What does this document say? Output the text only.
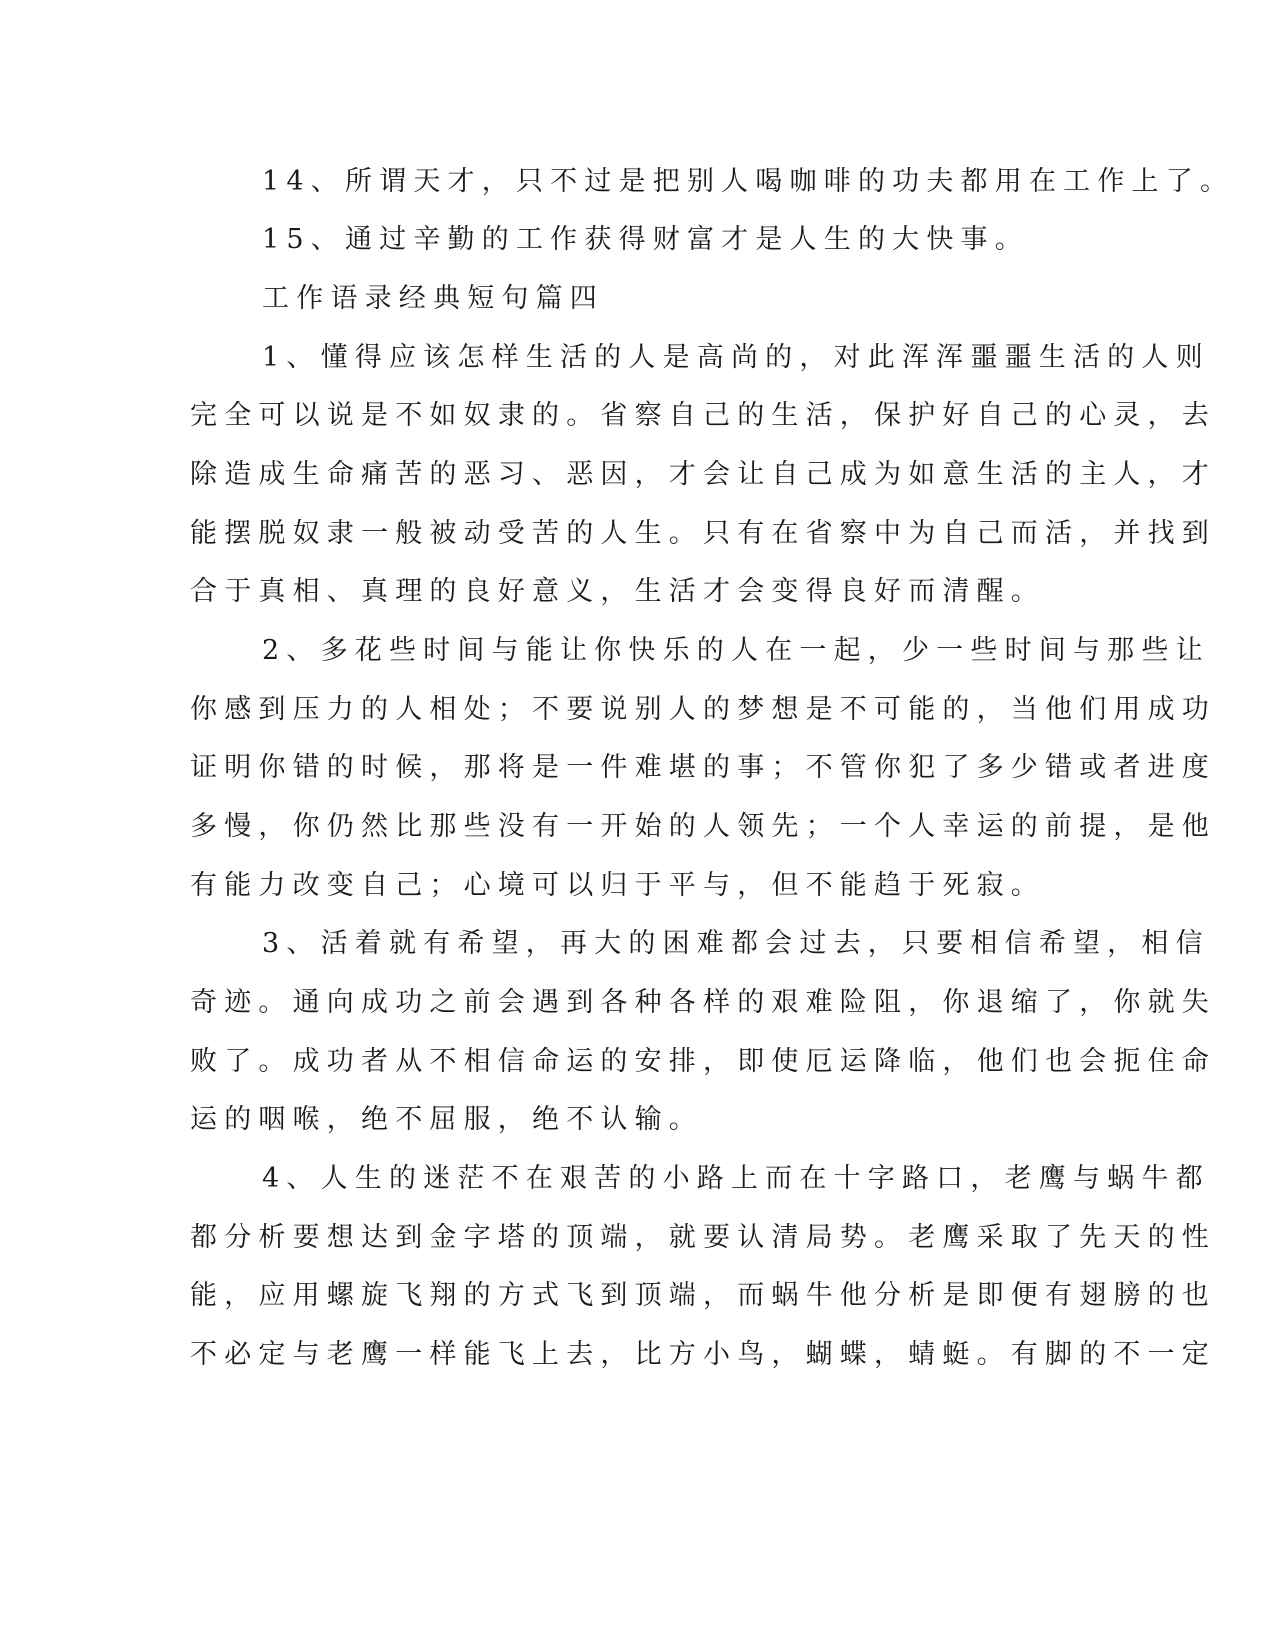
14、所谓天才，只不过是把别人喝咖啡的功夫都用在工作上了。
15、通过辛勤的工作获得财富才是人生的大快事。
工作语录经典短句篇四
1、懂得应该怎样生活的人是高尚的，对此浑浑噩噩生活的人则
完全可以说是不如奴隶的。省察自己的生活，保护好自己的心灵，去
除造成生命痛苦的恶习、恶因，才会让自己成为如意生活的主人，才
能摆脱奴隶一般被动受苦的人生。只有在省察中为自己而活，并找到
合于真相、真理的良好意义，生活才会变得良好而清醒。
2、多花些时间与能让你快乐的人在一起，少一些时间与那些让
你感到压力的人相处；不要说别人的梦想是不可能的，当他们用成功
证明你错的时候，那将是一件难堪的事；不管你犯了多少错或者进度
多慢，你仍然比那些没有一开始的人领先；一个人幸运的前提，是他
有能力改变自己；心境可以归于平与，但不能趋于死寂。
3、活着就有希望，再大的困难都会过去，只要相信希望，相信
奇迹。通向成功之前会遇到各种各样的艰难险阻，你退缩了，你就失
败了。成功者从不相信命运的安排，即使厄运降临，他们也会扼住命
运的咽喉，绝不屈服，绝不认输。
4、人生的迷茫不在艰苦的小路上而在十字路口，老鹰与蜗牛都
都分析要想达到金字塔的顶端，就要认清局势。老鹰采取了先天的性
能，应用螺旋飞翔的方式飞到顶端，而蜗牛他分析是即便有翅膀的也
不必定与老鹰一样能飞上去，比方小鸟，蝴蝶，蜻蜓。有脚的不一定
